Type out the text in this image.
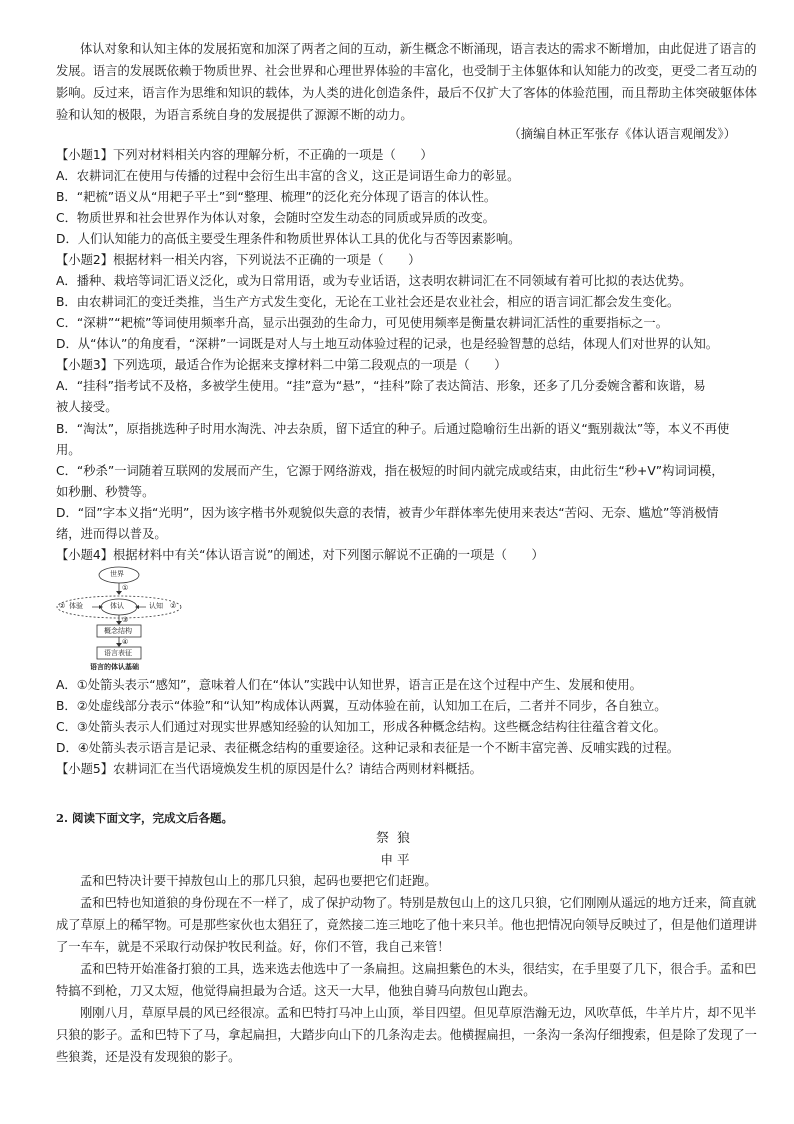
体认对象和认知主体的发展拓宽和加深了两者之间的互动，新生概念不断涌现，语言表达的需求不断增加，由此促进了语言的
发展。语言的发展既依赖于物质世界、社会世界和心理世界体验的丰富化，也受制于主体躯体和认知能力的改变，更受二者互动的
影响。反过来，语言作为思维和知识的载体，为人类的进化创造条件，最后不仅扩大了客体的体验范围，而且帮助主体突破躯体体
验和认知的极限，为语言系统自身的发展提供了源源不断的动力。
（摘编自林正军张存《体认语言观阐发》）
【小题1】下列对材料相关内容的理解分析，不正确的一项是（　　）
A．农耕词汇在使用与传播的过程中会衍生出丰富的含义，这正是词语生命力的彰显。
B．“耙梳”语义从“用耙子平土”到“整理、梳理”的泛化充分体现了语言的体认性。
C．物质世界和社会世界作为体认对象，会随时空发生动态的同质或异质的改变。
D．人们认知能力的高低主要受生理条件和物质世界体认工具的优化与否等因素影响。
【小题2】根据材料一相关内容，下列说法不正确的一项是（　　）
A．播种、栽培等词汇语义泛化，或为日常用语，或为专业话语，这表明农耕词汇在不同领域有着可比拟的表达优势。
B．由农耕词汇的变迁类推，当生产方式发生变化，无论在工业社会还是农业社会，相应的语言词汇都会发生变化。
C．“深耕”“耙梳”等词使用频率升高，显示出强劲的生命力，可见使用频率是衡量农耕词汇活性的重要指标之一。
D．从“体认”的角度看，“深耕”一词既是对人与土地互动体验过程的记录，也是经验智慧的总结，体现人们对世界的认知。
【小题3】下列选项，最适合作为论据来支撑材料二中第二段观点的一项是（　　）
A．“挂科”指考试不及格，多被学生使用。“挂”意为“悬”，“挂科”除了表达简洁、形象，还多了几分委婉含蓄和诙谐，易
被人接受。
B．“淘汰”，原指挑选种子时用水淘洗、冲去杂质，留下适宜的种子。后通过隐喻衍生出新的语义“甄别裁汰”等，本义不再使
用。
C．“秒杀”一词随着互联网的发展而产生，它源于网络游戏，指在极短的时间内就完成或结束，由此衍生“秒+V”构词词模，
如秒删、秒赞等。
D．“囧”字本义指“光明”，因为该字楷书外观貌似失意的表情，被青少年群体率先使用来表达“苦闷、无奈、尴尬”等消极情
绪，进而得以普及。
【小题4】根据材料中有关“体认语言说”的阐述，对下列图示解说不正确的一项是（　　）
世界
①
② 体验	体认	认知 ②
③
概念结构
④
语言表征
语言的体认基础
A．①处箭头表示“感知”，意味着人们在“体认”实践中认知世界，语言正是在这个过程中产生、发展和使用。
B．②处虚线部分表示“体验”和“认知”构成体认两翼，互动体验在前，认知加工在后，二者并不同步，各自独立。
C．③处箭头表示人们通过对现实世界感知经验的认知加工，形成各种概念结构。这些概念结构往往蕴含着文化。
D．④处箭头表示语言是记录、表征概念结构的重要途径。这种记录和表征是一个不断丰富完善、反哺实践的过程。
【小题5】农耕词汇在当代语境焕发生机的原因是什么？请结合两则材料概括。
2. 阅读下面文字，完成文后各题。
祭狼
申平
孟和巴特决计要干掉敖包山上的那几只狼，起码也要把它们赶跑。
孟和巴特也知道狼的身份现在不一样了，成了保护动物了。特别是敖包山上的这几只狼，它们刚刚从遥远的地方迁来，简直就
成了草原上的稀罕物。可是那些家伙也太猖狂了，竟然接二连三地吃了他十来只羊。他也把情况向领导反映过了，但是他们道理讲
了一车车，就是不采取行动保护牧民利益。好，你们不管，我自己来管！
孟和巴特开始准备打狼的工具，选来选去他选中了一条扁担。这扁担紫色的木头，很结实，在手里耍了几下，很合手。孟和巴
特搞不到枪，刀又太短，他觉得扁担最为合适。这天一大早，他独自骑马向敖包山跑去。
刚刚八月，草原早晨的风已经很凉。孟和巴特打马冲上山顶，举目四望。但见草原浩瀚无边，风吹草低，牛羊片片，却不见半
只狼的影子。孟和巴特下了马，拿起扁担，大踏步向山下的几条沟走去。他横握扁担，一条沟一条沟仔细搜索，但是除了发现了一
些狼粪，还是没有发现狼的影子。
